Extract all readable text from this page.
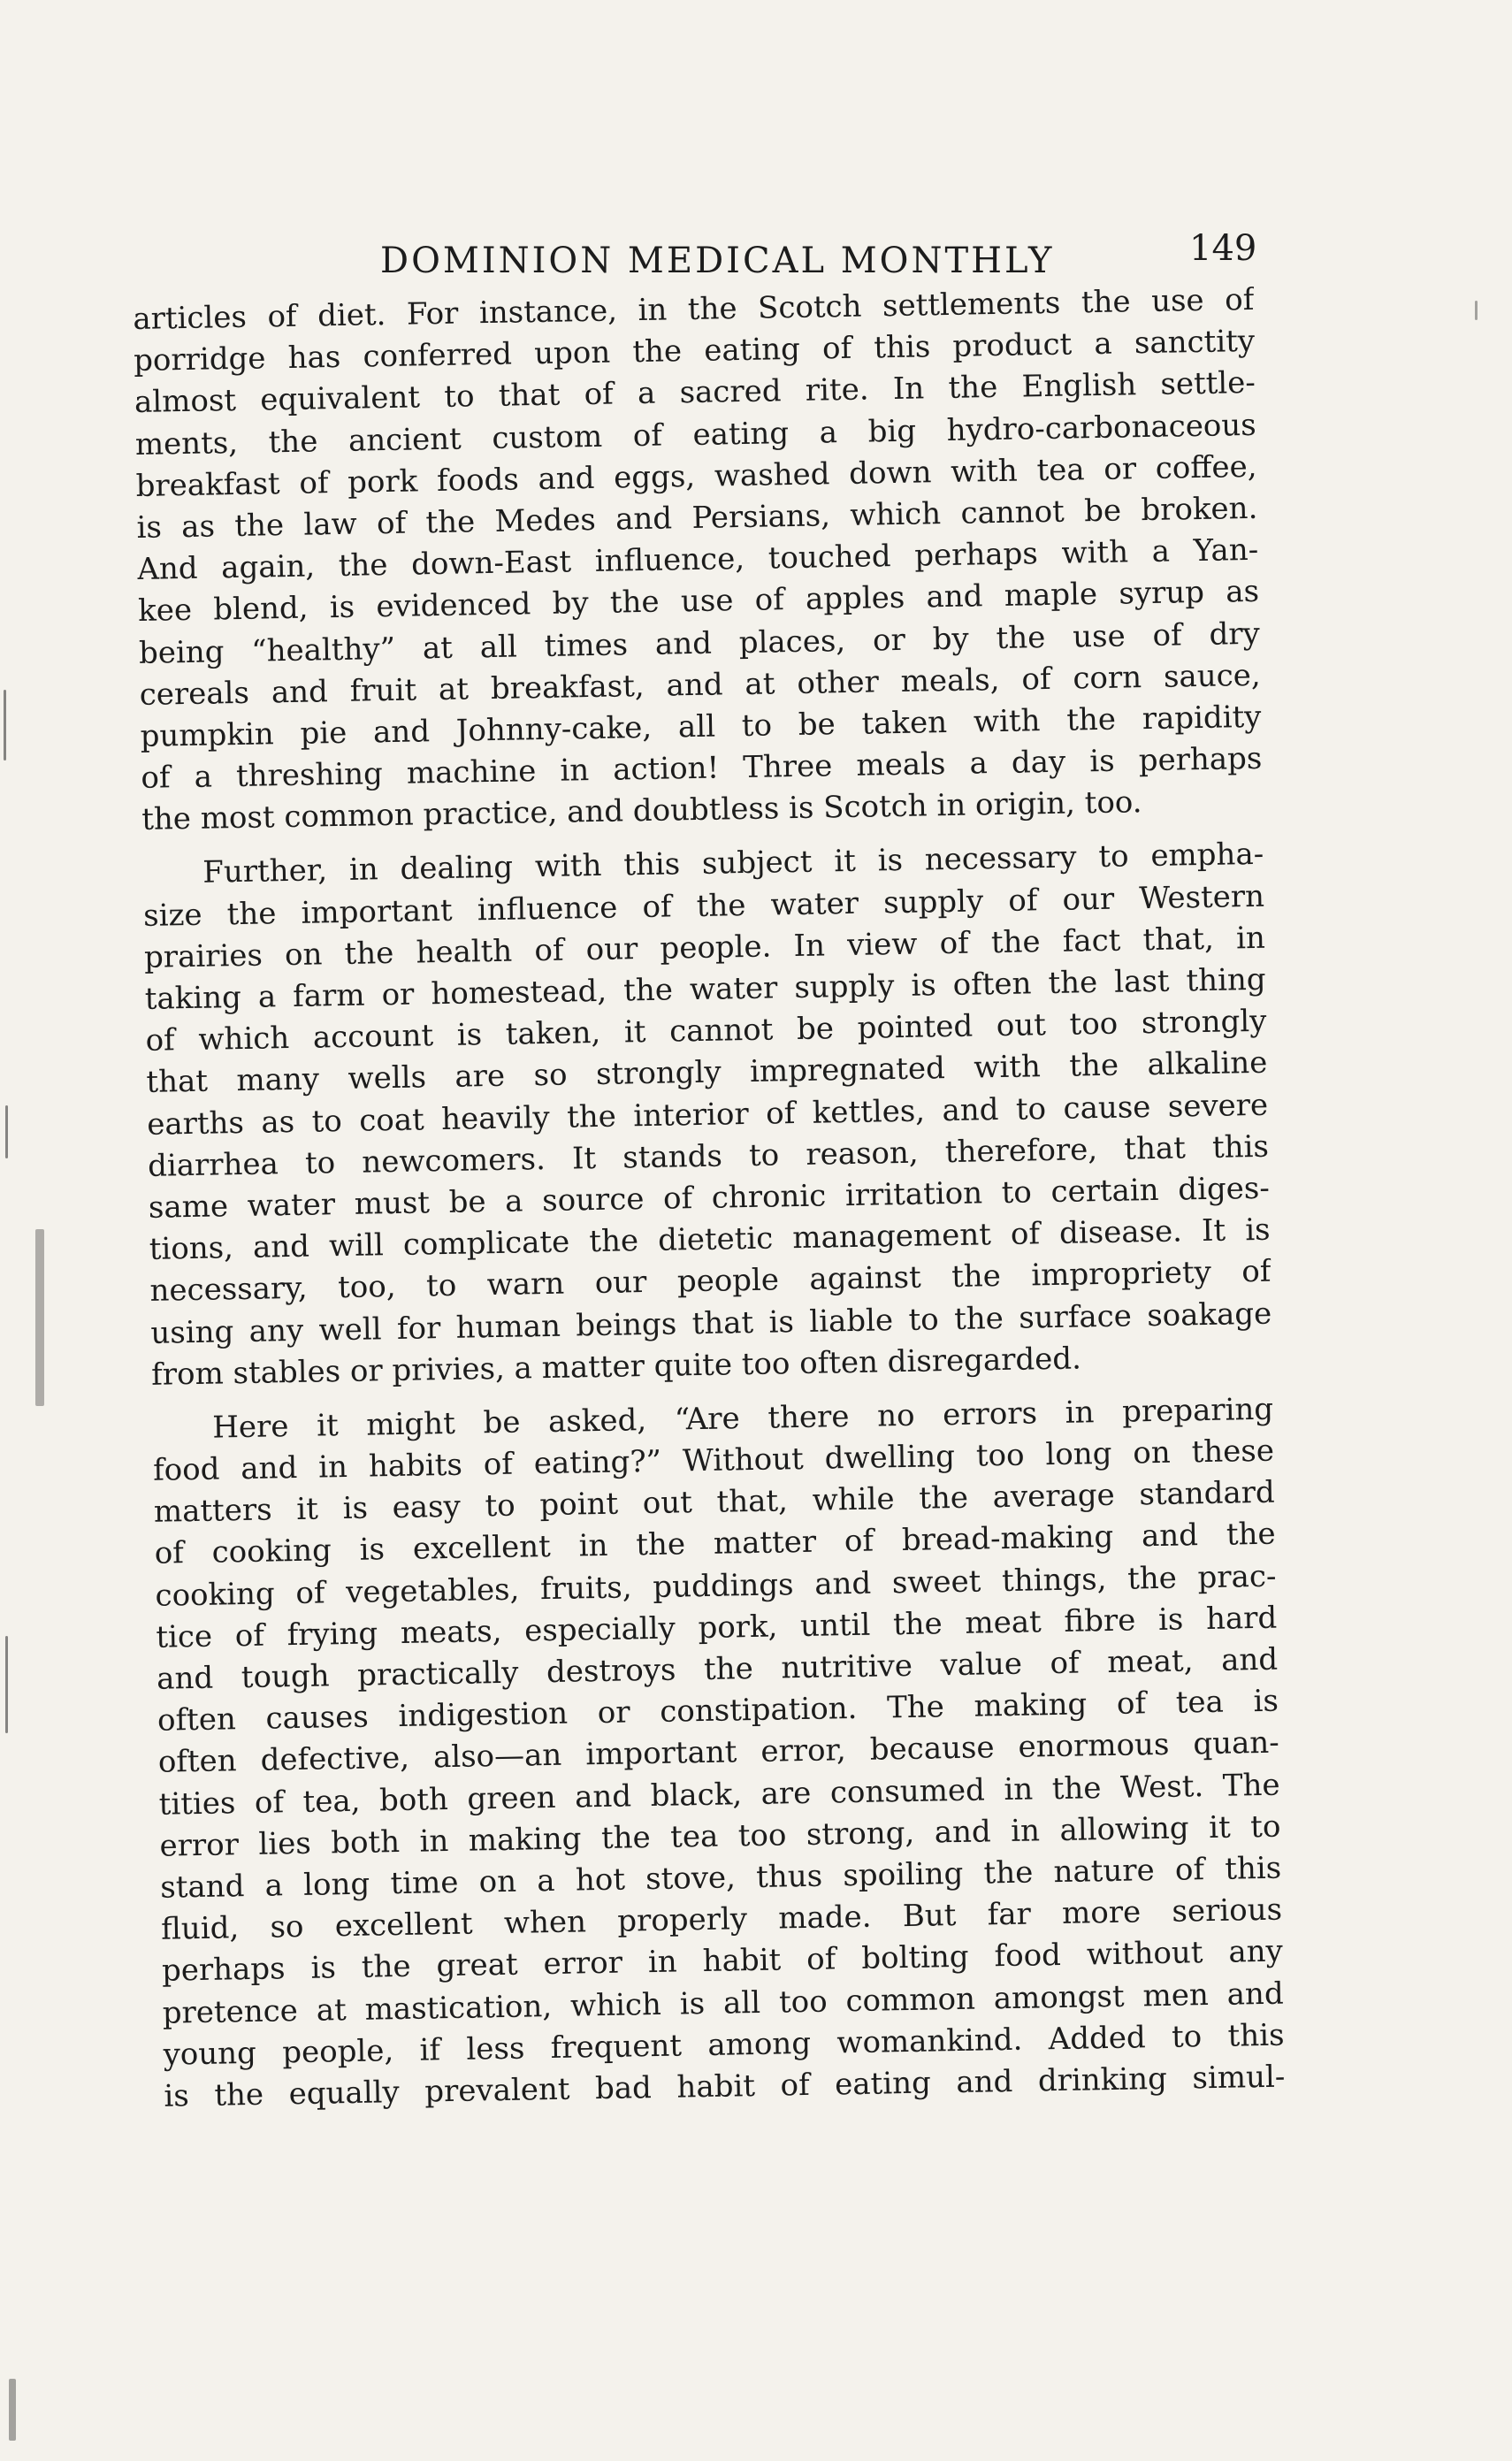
DOMINION MEDICAL MONTHLY	149
articles of diet. For instance, in the Scotch settlements the use of
porridge has conferred upon the eating of this product a sanctity
almost equivalent to that of a sacred rite. In the English settle-
ments, the ancient custom of eating a big hydro-carbonaceous
breakfast of pork foods and eggs, washed down with tea or coffee,
is as the law of the Medes and Persians, which cannot be broken.
And again, the down-East influence, touched perhaps with a Yan-
kee blend, is evidenced by the use of apples and maple syrup as
being “healthy” at all times and places, or by the use of dry
cereals and fruit at breakfast, and at other meals, of corn sauce,
pumpkin pie and Johnny-cake, all to be taken with the rapidity
of a threshing machine in action! Three meals a day is perhaps
the most common practice, and doubtless is Scotch in origin, too.
Further, in dealing with this subject it is necessary to empha-
size the important influence of the water supply of our Western
prairies on the health of our people. In view of the fact that, in
taking a farm or homestead, the water supply is often the last thing
of which account is taken, it cannot be pointed out too strongly
that many wells are so strongly impregnated with the alkaline
earths as to coat heavily the interior of kettles, and to cause severe
diarrhea to newcomers. It stands to reason, therefore, that this
same water must be a source of chronic irritation to certain diges-
tions, and will complicate the dietetic management of disease. It is
necessary, too, to warn our people against the impropriety of
using any well for human beings that is liable to the surface soakage
from stables or privies, a matter quite too often disregarded.
Here it might be asked, “Are there no errors in preparing
food and in habits of eating?” Without dwelling too long on these
matters it is easy to point out that, while the average standard
of cooking is excellent in the matter of bread-making and the
cooking of vegetables, fruits, puddings and sweet things, the prac-
tice of frying meats, especially pork, until the meat fibre is hard
and tough practically destroys the nutritive value of meat, and
often causes indigestion or constipation. The making of tea is
often defective, also—an important error, because enormous quan-
tities of tea, both green and black, are consumed in the West. The
error lies both in making the tea too strong, and in allowing it to
stand a long time on a hot stove, thus spoiling the nature of this
fluid, so excellent when properly made. But far more serious
perhaps is the great error in habit of bolting food without any
pretence at mastication, which is all too common amongst men and
young people, if less frequent among womankind. Added to this
is the equally prevalent bad habit of eating and drinking simul-
